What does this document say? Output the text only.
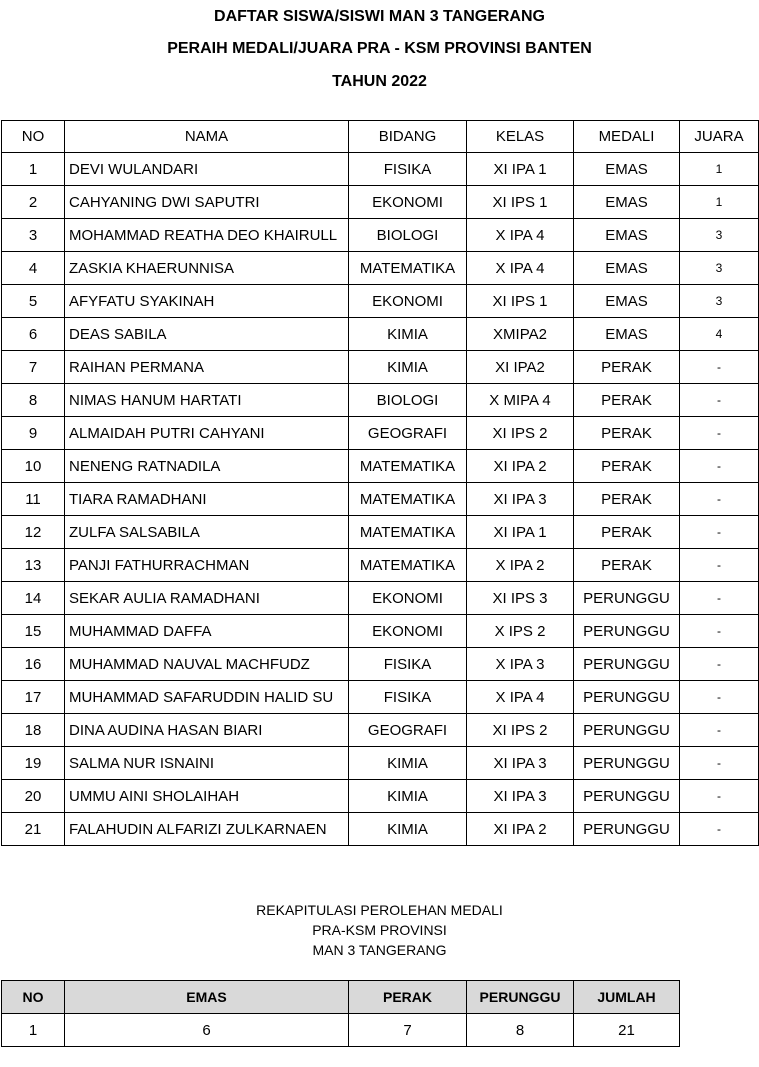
DAFTAR SISWA/SISWI MAN 3 TANGERANG
PERAIH MEDALI/JUARA PRA - KSM PROVINSI BANTEN
TAHUN 2022
NO	NAMA	BIDANG	KELAS	MEDALI	JUARA
1	DEVI WULANDARI	FISIKA	XI IPA 1	EMAS	1
2	CAHYANING DWI SAPUTRI	EKONOMI	XI IPS 1	EMAS	1
3	MOHAMMAD REATHA DEO KHAIRULL	BIOLOGI	X IPA 4	EMAS	3
4	ZASKIA KHAERUNNISA	MATEMATIKA	X IPA 4	EMAS	3
5	AFYFATU SYAKINAH	EKONOMI	XI IPS 1	EMAS	3
6	DEAS SABILA	KIMIA	XMIPA2	EMAS	4
7	RAIHAN PERMANA	KIMIA	XI IPA2	PERAK	-
8	NIMAS HANUM HARTATI	BIOLOGI	X MIPA 4	PERAK	-
9	ALMAIDAH PUTRI CAHYANI	GEOGRAFI	XI IPS 2	PERAK	-
10	NENENG RATNADILA	MATEMATIKA	XI IPA 2	PERAK	-
11	TIARA RAMADHANI	MATEMATIKA	XI IPA 3	PERAK	-
12	ZULFA SALSABILA	MATEMATIKA	XI IPA 1	PERAK	-
13	PANJI FATHURRACHMAN	MATEMATIKA	X IPA 2	PERAK	-
14	SEKAR AULIA RAMADHANI	EKONOMI	XI IPS 3	PERUNGGU	-
15	MUHAMMAD DAFFA	EKONOMI	X IPS 2	PERUNGGU	-
16	MUHAMMAD NAUVAL MACHFUDZ	FISIKA	X IPA 3	PERUNGGU	-
17	MUHAMMAD SAFARUDDIN HALID SU	FISIKA	X IPA 4	PERUNGGU	-
18	DINA AUDINA HASAN BIARI	GEOGRAFI	XI IPS 2	PERUNGGU	-
19	SALMA NUR ISNAINI	KIMIA	XI IPA 3	PERUNGGU	-
20	UMMU AINI SHOLAIHAH	KIMIA	XI IPA 3	PERUNGGU	-
21	FALAHUDIN ALFARIZI ZULKARNAEN	KIMIA	XI IPA 2	PERUNGGU	-
REKAPITULASI PEROLEHAN MEDALI
PRA-KSM PROVINSI
MAN 3 TANGERANG
NO	EMAS	PERAK	PERUNGGU	JUMLAH
1	6	7	8	21
